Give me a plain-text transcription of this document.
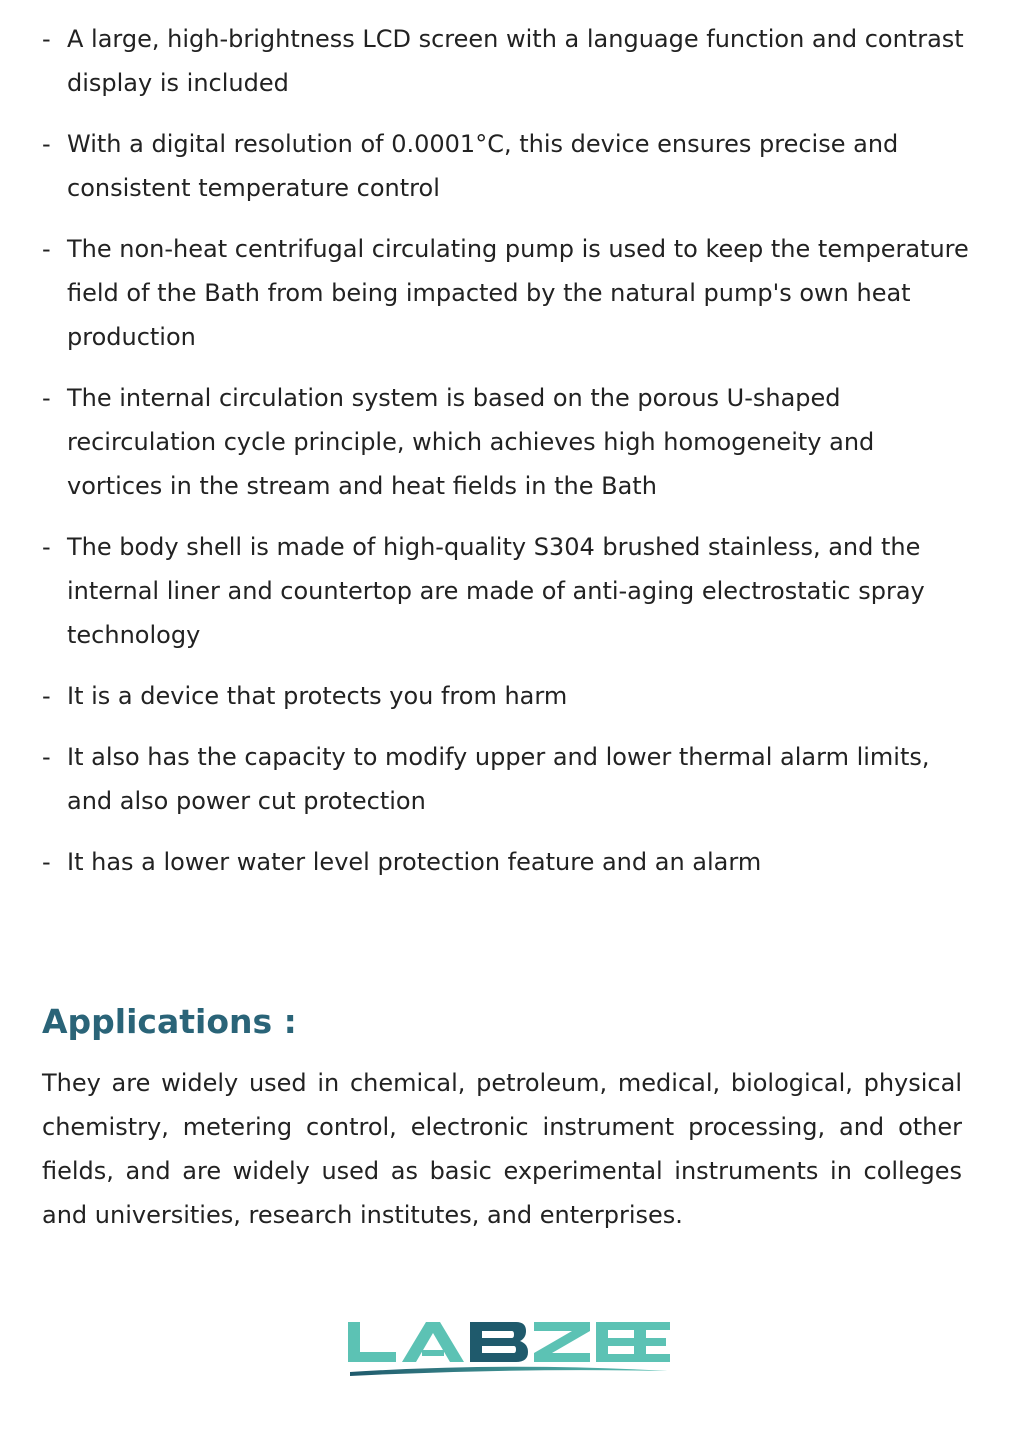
- A large, high-brightness LCD screen with a language function and contrast display is included
- With a digital resolution of 0.0001°C, this device ensures precise and consistent temperature control
- The non-heat centrifugal circulating pump is used to keep the temperature field of the Bath from being impacted by the natural pump's own heat production
- The internal circulation system is based on the porous U-shaped recirculation cycle principle, which achieves high homogeneity and vortices in the stream and heat fields in the Bath
- The body shell is made of high-quality S304 brushed stainless, and the internal liner and countertop are made of anti-aging electrostatic spray technology
- It is a device that protects you from harm
- It also has the capacity to modify upper and lower thermal alarm limits, and also power cut protection
- It has a lower water level protection feature and an alarm
Applications :

They are widely used in chemical, petroleum, medical, biological, physical chemistry, metering control, electronic instrument processing, and other fields, and are widely used as basic experimental instruments in colleges and universities, research institutes, and enterprises.
